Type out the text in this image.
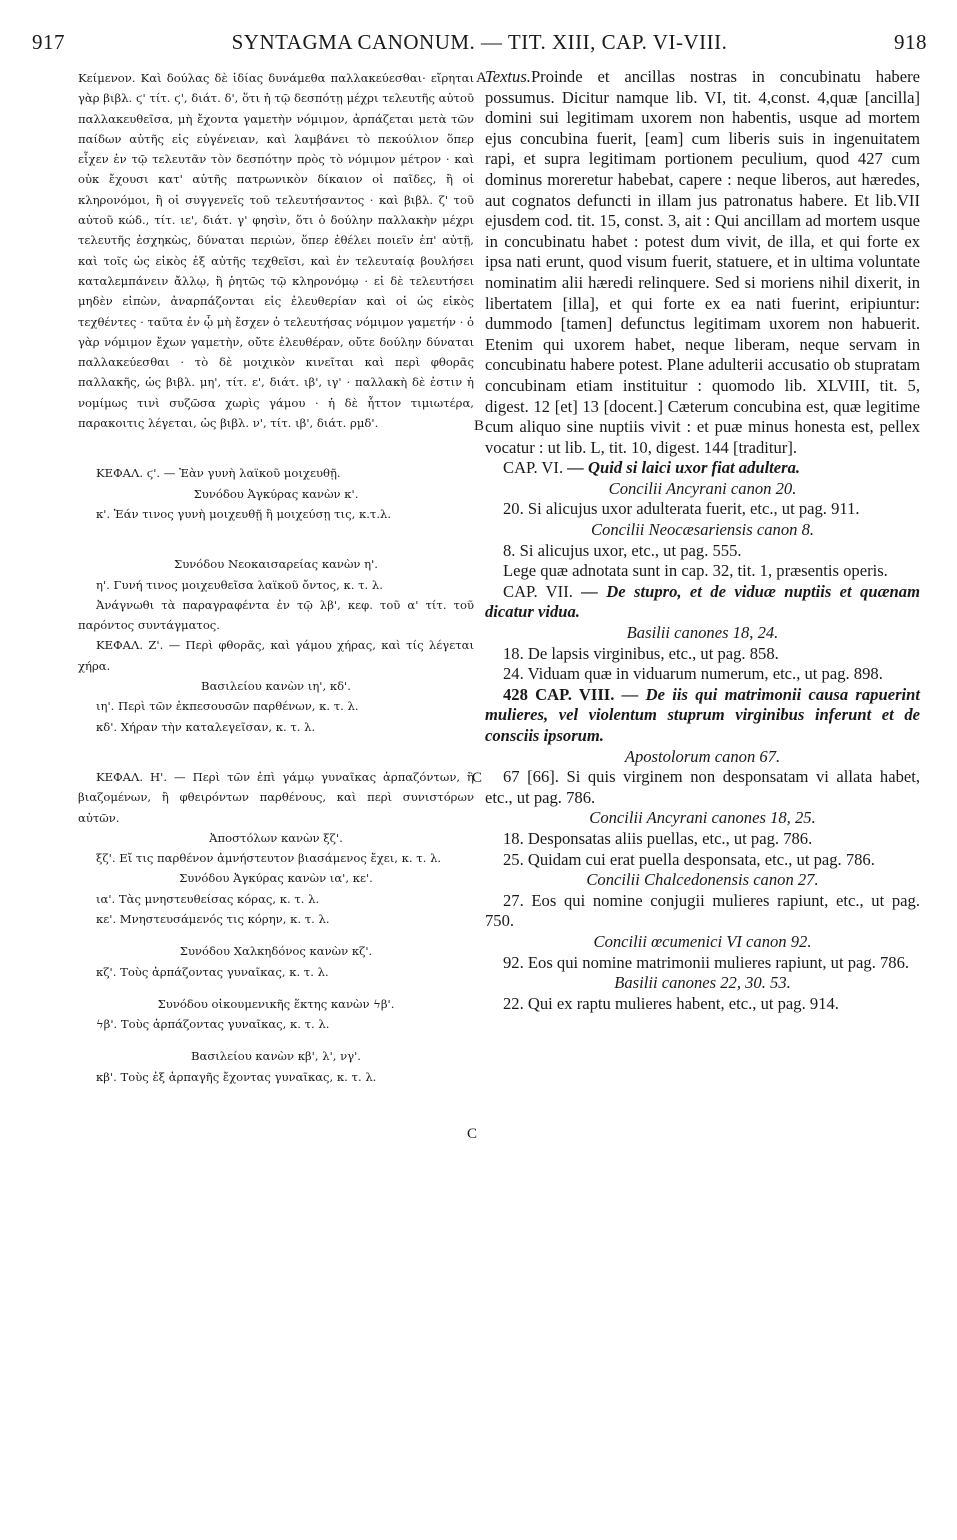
917	SYNTAGMA CANONUM. — TIT. XIII, CAP. VI-VIII.	918
A
B
C
C

Κείμενον. Καὶ δούλας δὲ ἰδίας δυνάμεθα παλλακεύεσθαι· εἴρηται γὰρ βιβλ. ϛ' τίτ. ϛ', διάτ. δ', ὅτι ἡ τῷ δεσπότῃ μέχρι τελευτῆς αὐτοῦ παλλακευθεῖσα, μὴ ἔχοντα γαμετὴν νόμιμον, ἁρπάζεται μετὰ τῶν παίδων αὐτῆς εἰς εὐγένειαν, καὶ λαμβάνει τὸ πεκούλιον ὅπερ εἶχεν ἐν τῷ τελευτᾶν τὸν δεσπότην πρὸς τὸ νόμιμον μέτρον · καὶ οὐκ ἔχουσι κατ' αὐτῆς πατρωνικὸν δίκαιον οἱ παῖδες, ἢ οἱ κληρονόμοι, ἢ οἱ συγγενεῖς τοῦ τελευτήσαντος · καὶ βιβλ. ζ' τοῦ αὐτοῦ κώδ., τίτ. ιε', διάτ. γ' φησὶν, ὅτι ὁ δούλην παλλακὴν μέχρι τελευτῆς ἐσχηκὼς, δύναται περιὼν, ὅπερ ἐθέλει ποιεῖν ἐπ' αὐτῇ, καὶ τοῖς ὡς εἰκὸς ἐξ αὐτῆς τεχθεῖσι, καὶ ἐν τελευταίᾳ βουλήσει καταλεμπάνειν ἄλλῳ, ἢ ῥητῶς τῷ κληρονόμῳ · εἰ δὲ τελευτήσει μηδὲν εἰπὼν, ἀναρπάζονται εἰς ἐλευθερίαν καὶ οἱ ὡς εἰκὸς τεχθέντες · ταῦτα ἐν ᾧ μὴ ἔσχεν ὁ τελευτήσας νόμιμον γαμετήν · ὁ γὰρ νόμιμον ἔχων γαμετὴν, οὔτε ἐλευθέραν, οὔτε δούλην δύναται παλλακεύεσθαι · τὸ δὲ μοιχικὸν κινεῖται καὶ περὶ φθορᾶς παλλακῆς, ὡς βιβλ. μη', τίτ. ε', διάτ. ιβ', ιγ' · παλλακὴ δὲ ἐστιν ἡ νομίμως τινὶ συζῶσα χωρὶς γάμου · ἡ δὲ ἧττον τιμιωτέρα, παρακοιτις λέγεται, ὡς βιβλ. ν', τίτ. ιβ', διάτ. ρμδ'.

ΚΕΦΑΛ. ϛ'. — Ἐὰν γυνὴ λαϊκοῦ μοιχευθῇ.

Συνόδου Ἀγκύρας κανὼν κ'.

κ'. Ἐάν τινος γυνὴ μοιχευθῇ ἢ μοιχεύσῃ τις, κ.τ.λ.

Συνόδου Νεοκαισαρείας κανὼν η'.

η'. Γυνή τινος μοιχευθεῖσα λαϊκοῦ ὄντος, κ. τ. λ.

Ἀνάγνωθι τὰ παραγραφέντα ἐν τῷ λβ', κεφ. τοῦ α' τίτ. τοῦ παρόντος συντάγματος.

ΚΕΦΑΛ. Ζ'. — Περὶ φθορᾶς, καὶ γάμου χήρας, καὶ τίς λέγεται χήρα.

Βασιλείου κανὼν ιη', κδ'.

ιη'. Περὶ τῶν ἐκπεσουσῶν παρθένων, κ. τ. λ.

κδ'. Χήραν τὴν καταλεγεῖσαν, κ. τ. λ.

ΚΕΦΑΛ. Η'. — Περὶ τῶν ἐπὶ γάμῳ γυναῖκας ἁρπαζόντων, ἢ βιαζομένων, ἢ φθειρόντων παρθένους, καὶ περὶ συνιστόρων αὐτῶν.

Ἀποστόλων κανὼν ξζ'.

ξζ'. Εἴ τις παρθένον ἀμνήστευτον βιασάμενος ἔχει, κ. τ. λ.

Συνόδου Ἀγκύρας κανὼν ια', κε'.

ια'. Τὰς μνηστευθείσας κόρας, κ. τ. λ.

κε'. Μνηστευσάμενός τις κόρην, κ. τ. λ.

Συνόδου Χαλκηδόνος κανὼν κζ'.

κζ'. Τοὺς ἁρπάζοντας γυναῖκας, κ. τ. λ.

Συνόδου οἰκουμενικῆς ἕκτης κανὼν ϟβ'.

ϟβ'. Τοὺς ἁρπάζοντας γυναῖκας, κ. τ. λ.

Βασιλείου κανὼν κβ', λ', νγ'.

κβ'. Τοὺς ἐξ ἁρπαγῆς ἔχοντας γυναῖκας, κ. τ. λ.

Textus.Proinde et ancillas nostras in concubinatu habere possumus. Dicitur namque lib. VI, tit. 4,const. 4,quæ [ancilla] domini sui legitimam uxorem non habentis, usque ad mortem ejus concubina fuerit, [eam] cum liberis suis in ingenuitatem rapi, et supra legitimam portionem peculium, quod 427 cum dominus moreretur habebat, capere : neque liberos, aut hæredes, aut cognatos defuncti in illam jus patronatus habere. Et lib.VII ejusdem cod. tit. 15, const. 3, ait : Qui ancillam ad mortem usque in concubinatu habet : potest dum vivit, de illa, et qui forte ex ipsa nati erunt, quod visum fuerit, statuere, et in ultima voluntate nominatim alii hæredi relinquere. Sed si moriens nihil dixerit, in libertatem [illa], et qui forte ex ea nati fuerint, eripiuntur: dummodo [tamen] defunctus legitimam uxorem non habuerit. Etenim qui uxorem habet, neque liberam, neque servam in concubinatu habere potest. Plane adulterii accusatio ob stupratam concubinam etiam instituitur : quomodo lib. XLVIII, tit. 5, digest. 12 [et] 13 [docent.] Cæterum concubina est, quæ legitime cum aliquo sine nuptiis vivit : et puæ minus honesta est, pellex vocatur : ut lib. L, tit. 10, digest. 144 [traditur].

CAP. VI. — Quid si laici uxor fiat adultera.

Concilii Ancyrani canon 20.

20. Si alicujus uxor adulterata fuerit, etc., ut pag. 911.

Concilii Neocæsariensis canon 8.

8. Si alicujus uxor, etc., ut pag. 555.

Lege quæ adnotata sunt in cap. 32, tit. 1, præsentis operis.

CAP. VII. — De stupro, et de viduæ nuptiis et quænam dicatur vidua.

Basilii canones 18, 24.

18. De lapsis virginibus, etc., ut pag. 858.

24. Viduam quæ in viduarum numerum, etc., ut pag. 898.

428 CAP. VIII. — De iis qui matrimonii causa rapuerint mulieres, vel violentum stuprum virginibus inferunt et de consciis ipsorum.

Apostolorum canon 67.

67 [66]. Si quis virginem non desponsatam vi allata habet, etc., ut pag. 786.

Concilii Ancyrani canones 18, 25.

18. Desponsatas aliis puellas, etc., ut pag. 786.

25. Quidam cui erat puella desponsata, etc., ut pag. 786.

Concilii Chalcedonensis canon 27.

27. Eos qui nomine conjugii mulieres rapiunt, etc., ut pag. 750.

Concilii œcumenici VI canon 92.

92. Eos qui nomine matrimonii mulieres rapiunt, ut pag. 786.

Basilii canones 22, 30. 53.

22. Qui ex raptu mulieres habent, etc., ut pag. 914.
